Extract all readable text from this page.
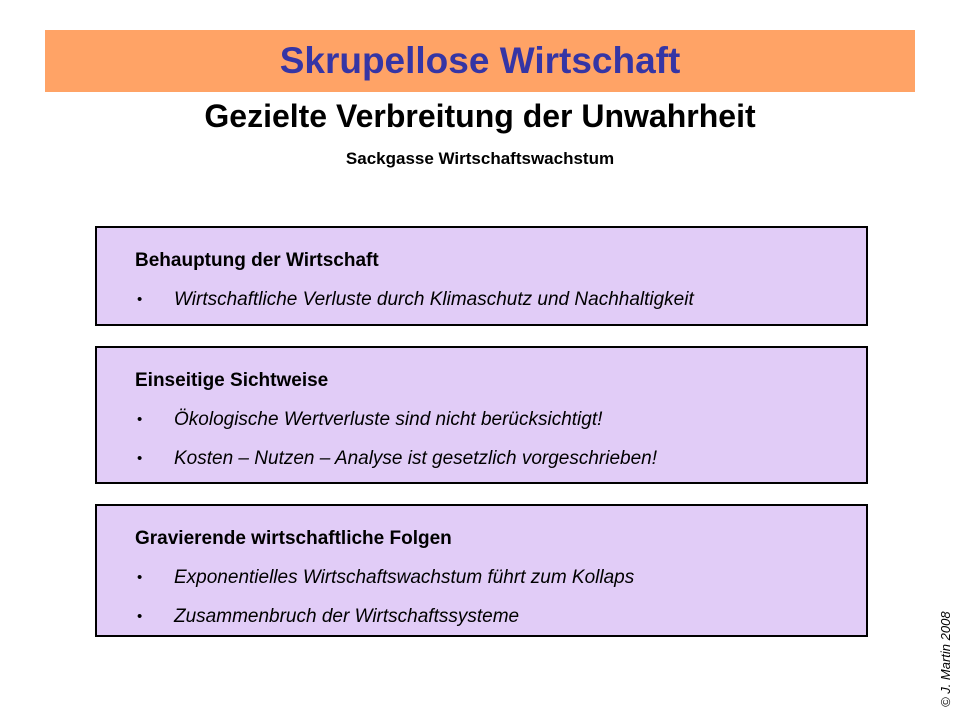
Skrupellose Wirtschaft
Gezielte Verbreitung der Unwahrheit
Sackgasse Wirtschaftswachstum
Behauptung der Wirtschaft
•	Wirtschaftliche Verluste durch Klimaschutz und Nachhaltigkeit
Einseitige Sichtweise
•	Ökologische Wertverluste sind nicht berücksichtigt!
•	Kosten – Nutzen – Analyse ist gesetzlich vorgeschrieben!
Gravierende wirtschaftliche Folgen
•	Exponentielles Wirtschaftswachstum führt zum Kollaps
•	Zusammenbruch der Wirtschaftssysteme	© J. Martin 2008
